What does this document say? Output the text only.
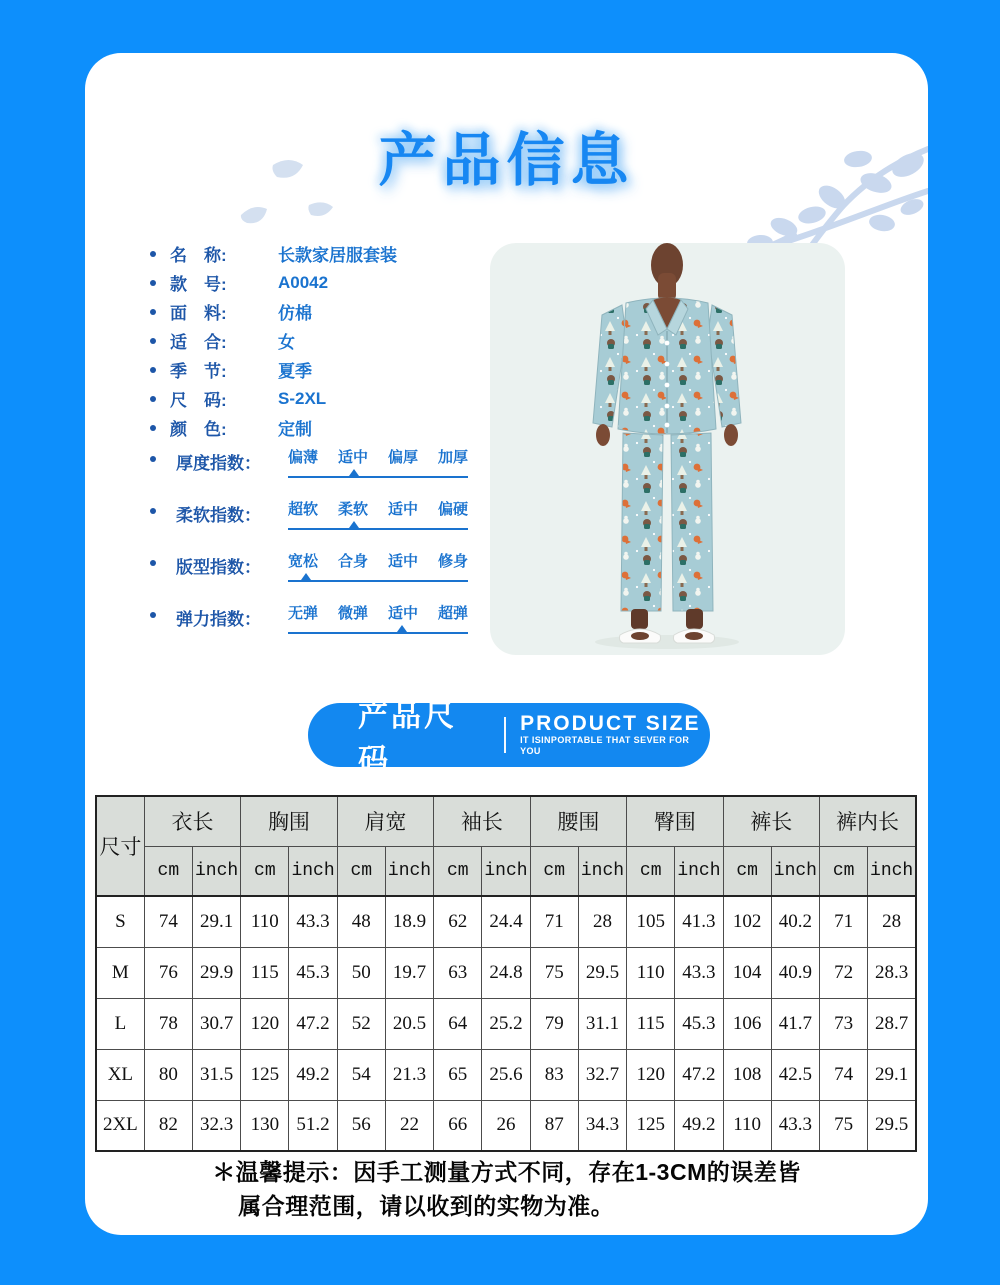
产品信息
名　称:	长款家居服套装
款　号:	A0042
面　料:	仿棉
适　合:	女
季　节:	夏季
尺　码:	S-2XL
颜　色:	定制
厚度指数：	偏薄 适中 偏厚 加厚
柔软指数：	超软 柔软 适中 偏硬
版型指数：	宽松 合身 适中 修身
弹力指数：	无弹 微弹 适中 超弹
产品尺码
PRODUCT SIZE
IT ISINPORTABLE THAT SEVER FOR YOU
尺寸	衣长		胸围		肩宽		袖长		腰围		臀围		裤长		裤内长	
	cm	inch	cm	inch	cm	inch	cm	inch	cm	inch	cm	inch	cm	inch	cm	inch
S	74	29.1	110	43.3	48	18.9	62	24.4	71	28	105	41.3	102	40.2	71	28
M	76	29.9	115	45.3	50	19.7	63	24.8	75	29.5	110	43.3	104	40.9	72	28.3
L	78	30.7	120	47.2	52	20.5	64	25.2	79	31.1	115	45.3	106	41.7	73	28.7
XL	80	31.5	125	49.2	54	21.3	65	25.6	83	32.7	120	47.2	108	42.5	74	29.1
2XL	82	32.3	130	51.2	56	22	66	26	87	34.3	125	49.2	110	43.3	75	29.5
＊温馨提示：因手工测量方式不同，存在1-3CM的误差皆
属合理范围，请以收到的实物为准。
